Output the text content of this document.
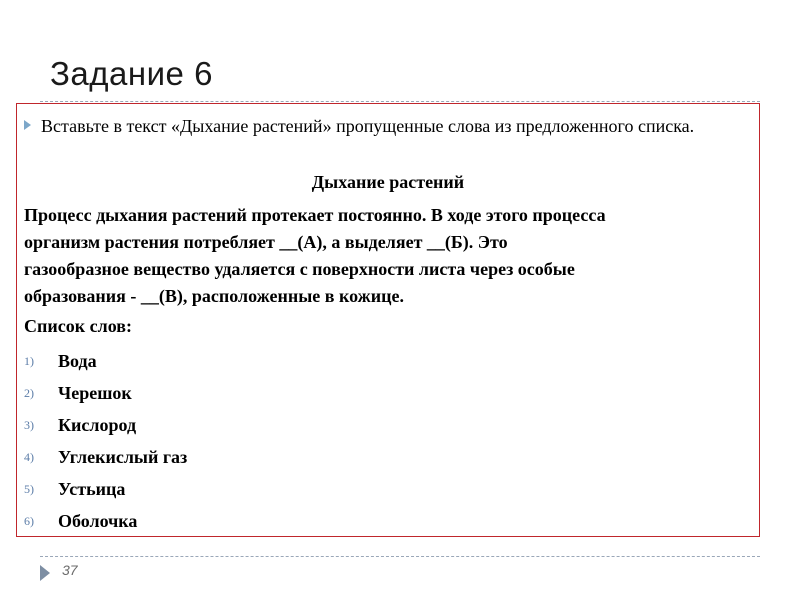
Задание 6
Вставьте в текст «Дыхание растений» пропущенные слова из предложенного списка.
Дыхание растений
Процесс дыхания растений протекает постоянно. В ходе этого процесса
организм растения потребляет __(А), а выделяет __(Б). Это
газообразное вещество удаляется с поверхности листа через особые
образования - __(В), расположенные в кожице.
Список слов:
1)	Вода
2)	Черешок
3)	Кислород
4)	Углекислый газ
5)	Устьица
6)	Оболочка
37
